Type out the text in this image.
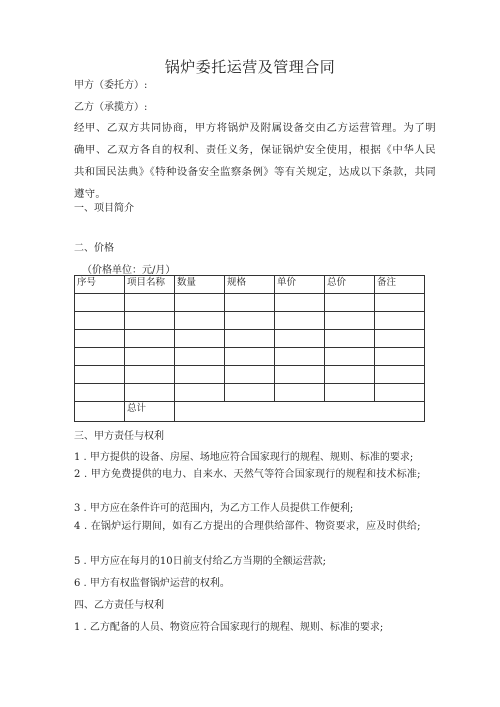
锅炉委托运营及管理合同
甲方（委托方）:
乙方（承揽方）:
经甲、乙双方共同协商，甲方将锅炉及附属设备交由乙方运营管理。为了明确甲、乙双方各自的权利、责任义务，保证锅炉安全使用，根据《中华人民共和国民法典》《特种设备安全监察条例》等有关规定，达成以下条款，共同遵守。
一、项目简介
二、价格
（价格单位：元/月）
序号	项目名称	数量	规格	单价	总价	备注

	总计					
三、甲方责任与权利
1 . 甲方提供的设备、房屋、场地应符合国家现行的规程、规则、标准的要求;
2 . 甲方免费提供的电力、自来水、天然气等符合国家现行的规程和技术标准;
3 . 甲方应在条件许可的范围内，为乙方工作人员提供工作便利;
4 . 在锅炉运行期间，如有乙方提出的合理供给部件、物资要求，应及时供给;
5 . 甲方应在每月的10日前支付给乙方当期的全额运营款;
6 . 甲方有权监督锅炉运营的权利。
四、乙方责任与权利
1 . 乙方配备的人员、物资应符合国家现行的规程、规则、标准的要求;
